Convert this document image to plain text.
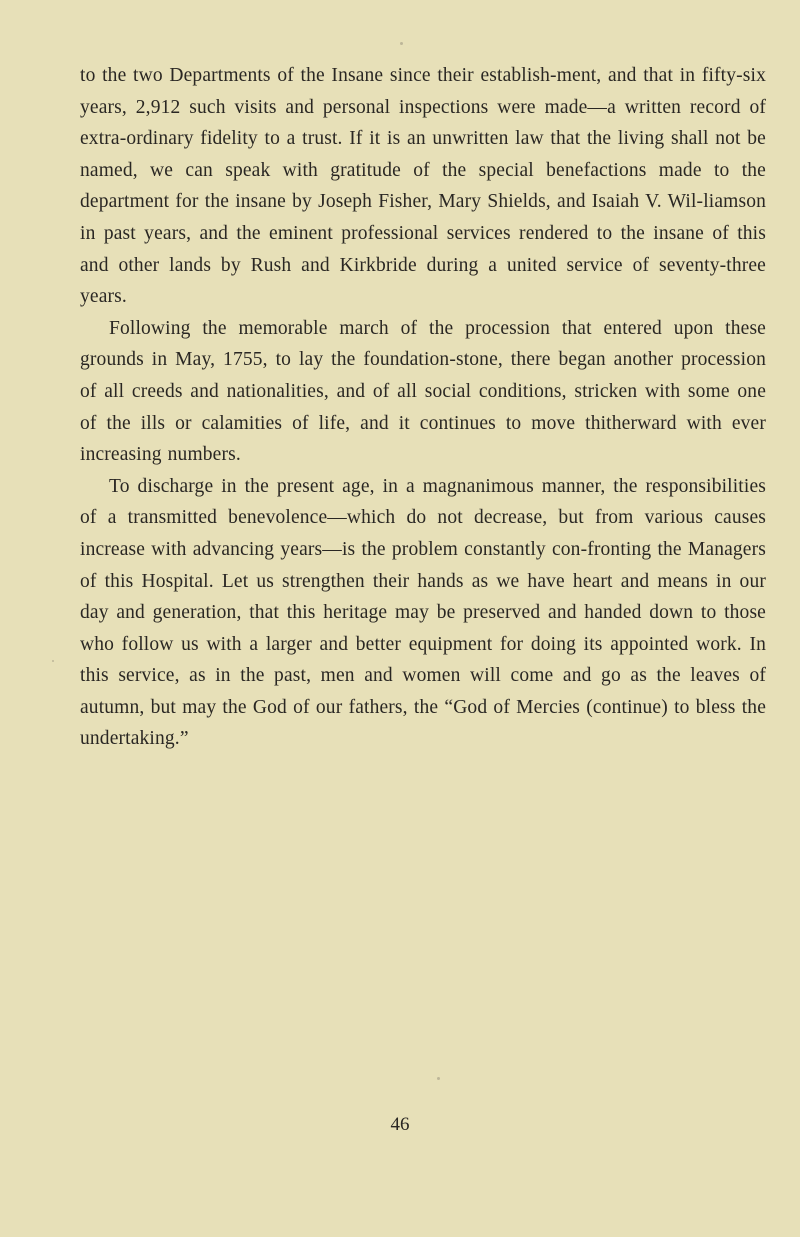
to the two Departments of the Insane since their establish-ment, and that in fifty-six years, 2,912 such visits and personal inspections were made—a written record of extra-ordinary fidelity to a trust. If it is an unwritten law that the living shall not be named, we can speak with gratitude of the special benefactions made to the department for the insane by Joseph Fisher, Mary Shields, and Isaiah V. Wil-liamson in past years, and the eminent professional services rendered to the insane of this and other lands by Rush and Kirkbride during a united service of seventy-three years.

Following the memorable march of the procession that entered upon these grounds in May, 1755, to lay the foundation-stone, there began another procession of all creeds and nationalities, and of all social conditions, stricken with some one of the ills or calamities of life, and it continues to move thitherward with ever increasing numbers.

To discharge in the present age, in a magnanimous manner, the responsibilities of a transmitted benevolence—which do not decrease, but from various causes increase with advancing years—is the problem constantly con-fronting the Managers of this Hospital. Let us strengthen their hands as we have heart and means in our day and generation, that this heritage may be preserved and handed down to those who follow us with a larger and better equipment for doing its appointed work. In this service, as in the past, men and women will come and go as the leaves of autumn, but may the God of our fathers, the “God of Mercies (continue) to bless the undertaking.”

46
